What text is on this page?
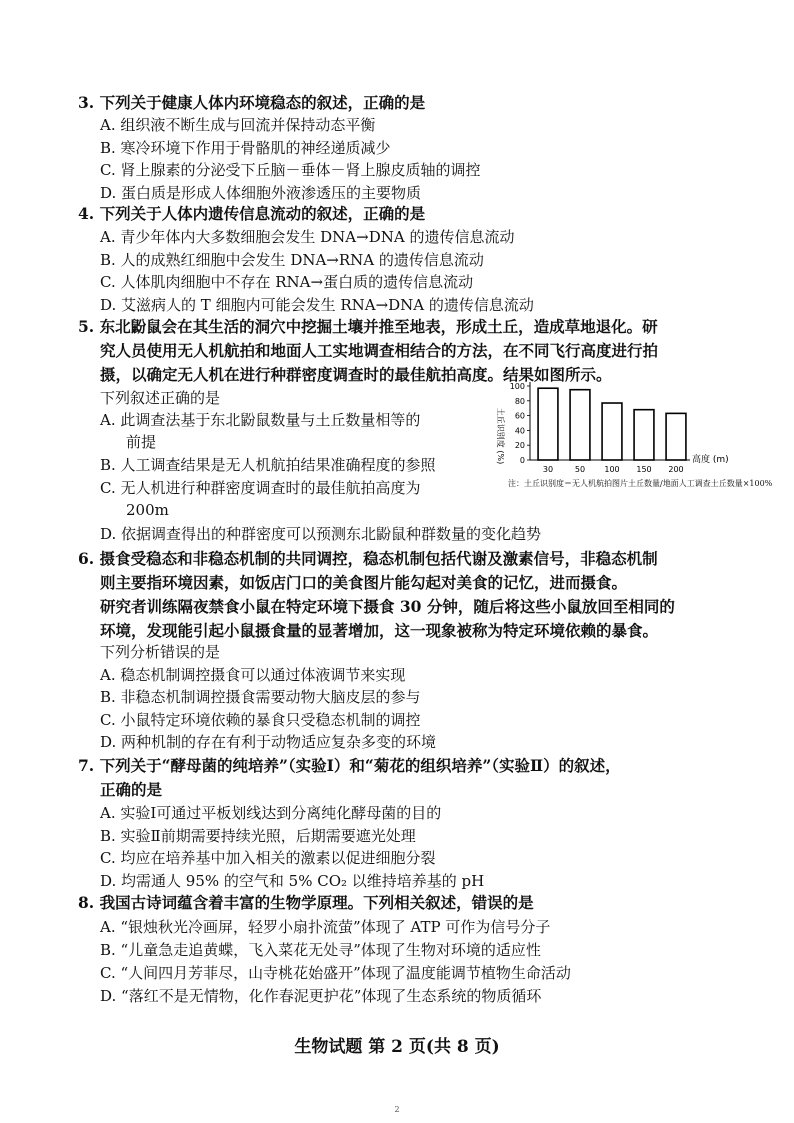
3. 下列关于健康人体内环境稳态的叙述，正确的是
A. 组织液不断生成与回流并保持动态平衡
B. 寒冷环境下作用于骨骼肌的神经递质减少
C. 肾上腺素的分泌受下丘脑－垂体－肾上腺皮质轴的调控
D. 蛋白质是形成人体细胞外液渗透压的主要物质
4. 下列关于人体内遗传信息流动的叙述，正确的是
A. 青少年体内大多数细胞会发生 DNA→DNA 的遗传信息流动
B. 人的成熟红细胞中会发生 DNA→RNA 的遗传信息流动
C. 人体肌肉细胞中不存在 RNA→蛋白质的遗传信息流动
D. 艾滋病人的 T 细胞内可能会发生 RNA→DNA 的遗传信息流动
5. 东北鼢鼠会在其生活的洞穴中挖掘土壤并推至地表，形成土丘，造成草地退化。研
究人员使用无人机航拍和地面人工实地调查相结合的方法，在不同飞行高度进行拍
摄，以确定无人机在进行种群密度调查时的最佳航拍高度。结果如图所示。
下列叙述正确的是
A. 此调查法基于东北鼢鼠数量与土丘数量相等的
前提
B. 人工调查结果是无人机航拍结果准确程度的参照
C. 无人机进行种群密度调查时的最佳航拍高度为
200m
D. 依据调查得出的种群密度可以预测东北鼢鼠种群数量的变化趋势
土丘识别度 (%) 0
20
40
60
80
100
30	50 100 150 200
高度 (m)
注：土丘识别度＝无人机航拍图片土丘数量/地面人工调查土丘数量×100%
6. 摄食受稳态和非稳态机制的共同调控，稳态机制包括代谢及激素信号，非稳态机制
则主要指环境因素，如饭店门口的美食图片能勾起对美食的记忆，进而摄食。
研究者训练隔夜禁食小鼠在特定环境下摄食 30 分钟，随后将这些小鼠放回至相同的
环境，发现能引起小鼠摄食量的显著增加，这一现象被称为特定环境依赖的暴食。
下列分析错误的是
A. 稳态机制调控摄食可以通过体液调节来实现
B. 非稳态机制调控摄食需要动物大脑皮层的参与
C. 小鼠特定环境依赖的暴食只受稳态机制的调控
D. 两种机制的存在有利于动物适应复杂多变的环境
7. 下列关于“酵母菌的纯培养”（实验Ⅰ）和“菊花的组织培养”（实验Ⅱ）的叙述，
正确的是
A. 实验Ⅰ可通过平板划线达到分离纯化酵母菌的目的
B. 实验Ⅱ前期需要持续光照，后期需要遮光处理
C. 均应在培养基中加入相关的激素以促进细胞分裂
D. 均需通人 95% 的空气和 5% CO₂ 以维持培养基的 pH
8. 我国古诗词蕴含着丰富的生物学原理。下列相关叙述，错误的是
A. “银烛秋光冷画屏，轻罗小扇扑流萤”体现了 ATP 可作为信号分子
B. “儿童急走追黄蝶，飞入菜花无处寻”体现了生物对环境的适应性
C. “人间四月芳菲尽，山寺桃花始盛开”体现了温度能调节植物生命活动
D. “落红不是无情物，化作春泥更护花”体现了生态系统的物质循环
生物试题 第 2 页(共 8 页)
2
